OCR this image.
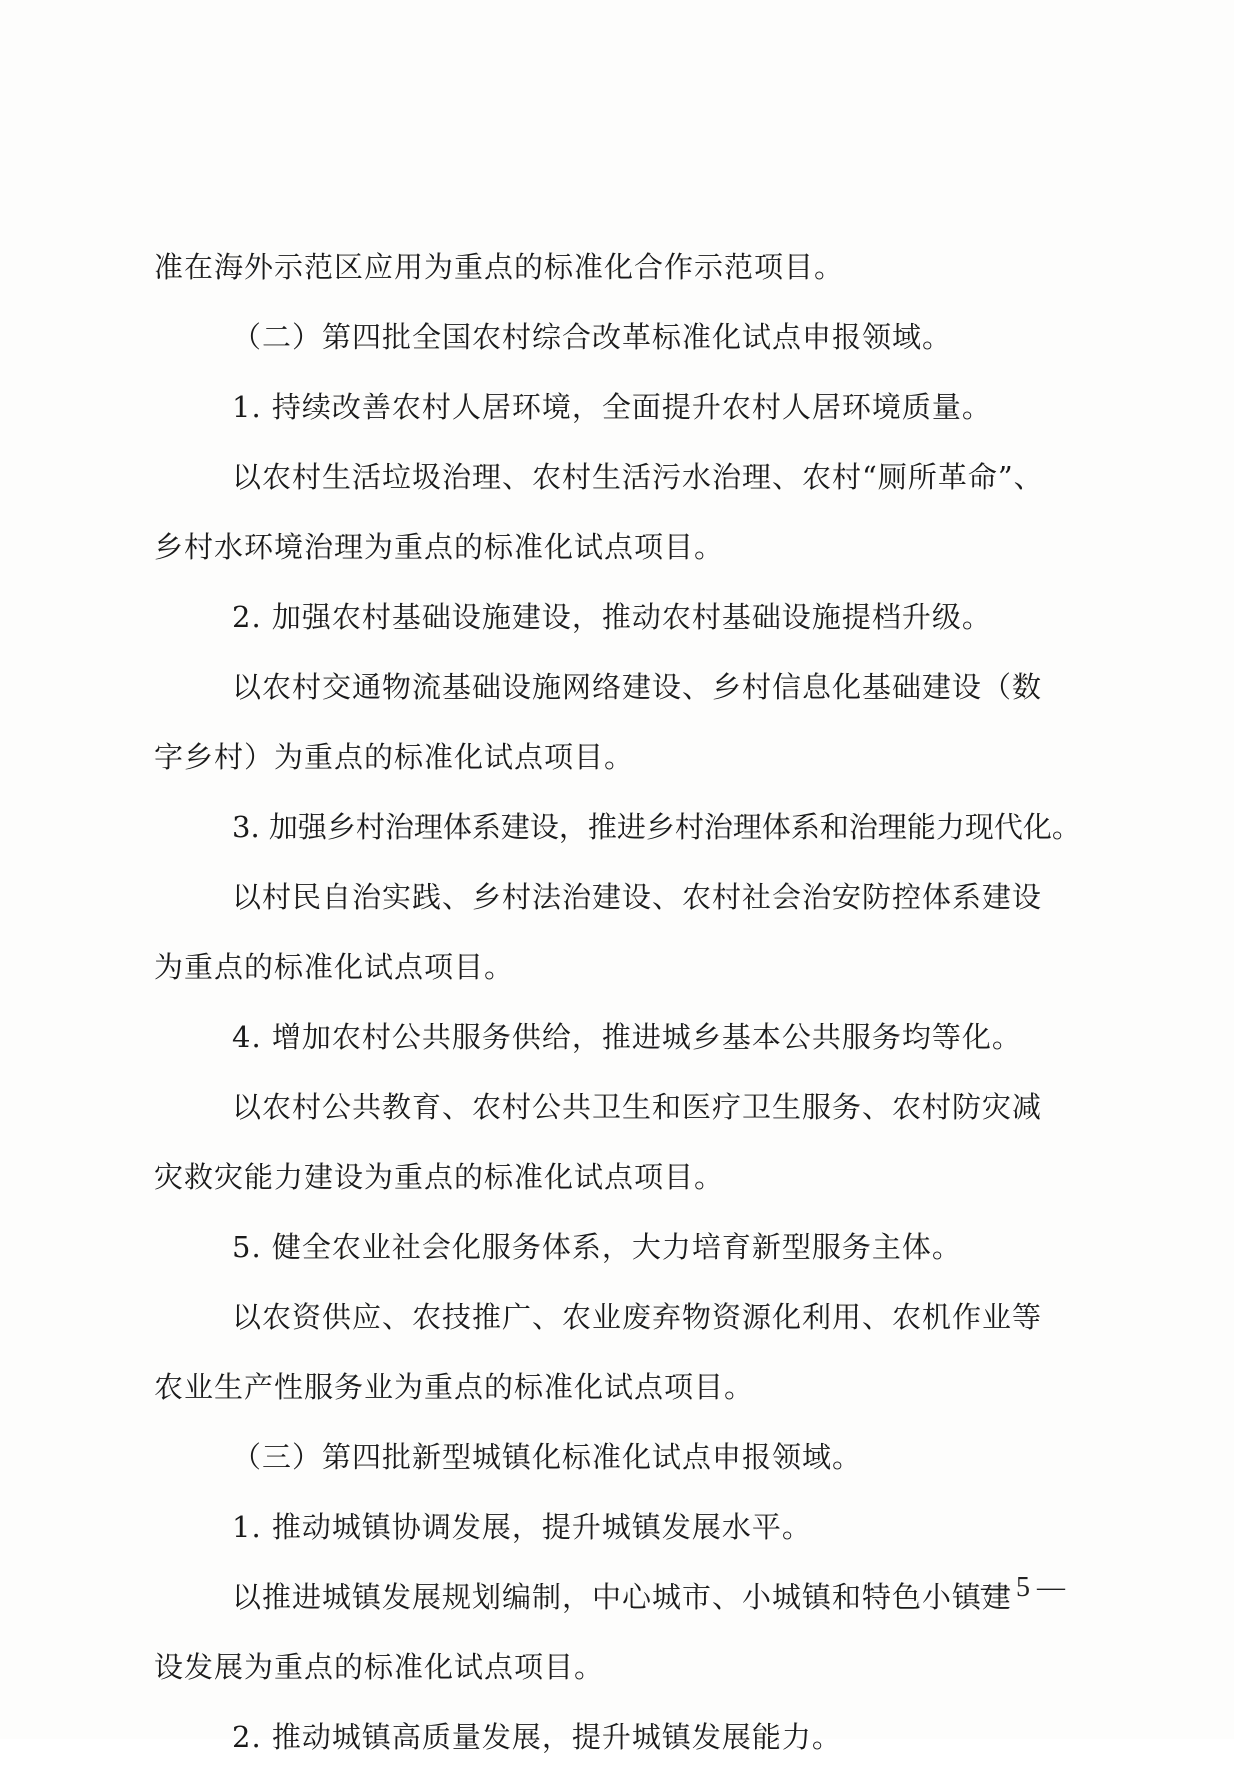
准在海外示范区应用为重点的标准化合作示范项目。
（二）第四批全国农村综合改革标准化试点申报领域。
1. 持续改善农村人居环境，全面提升农村人居环境质量。
以农村生活垃圾治理、农村生活污水治理、农村“厕所革命”、
乡村水环境治理为重点的标准化试点项目。
2. 加强农村基础设施建设，推动农村基础设施提档升级。
以农村交通物流基础设施网络建设、乡村信息化基础建设（数
字乡村）为重点的标准化试点项目。
3. 加强乡村治理体系建设，推进乡村治理体系和治理能力现代化。
以村民自治实践、乡村法治建设、农村社会治安防控体系建设
为重点的标准化试点项目。
4. 增加农村公共服务供给，推进城乡基本公共服务均等化。
以农村公共教育、农村公共卫生和医疗卫生服务、农村防灾减
灾救灾能力建设为重点的标准化试点项目。
5. 健全农业社会化服务体系，大力培育新型服务主体。
以农资供应、农技推广、农业废弃物资源化利用、农机作业等
农业生产性服务业为重点的标准化试点项目。
（三）第四批新型城镇化标准化试点申报领域。
1. 推动城镇协调发展，提升城镇发展水平。
以推进城镇发展规划编制，中心城市、小城镇和特色小镇建
设发展为重点的标准化试点项目。
2. 推动城镇高质量发展，提升城镇发展能力。
— 5 —
